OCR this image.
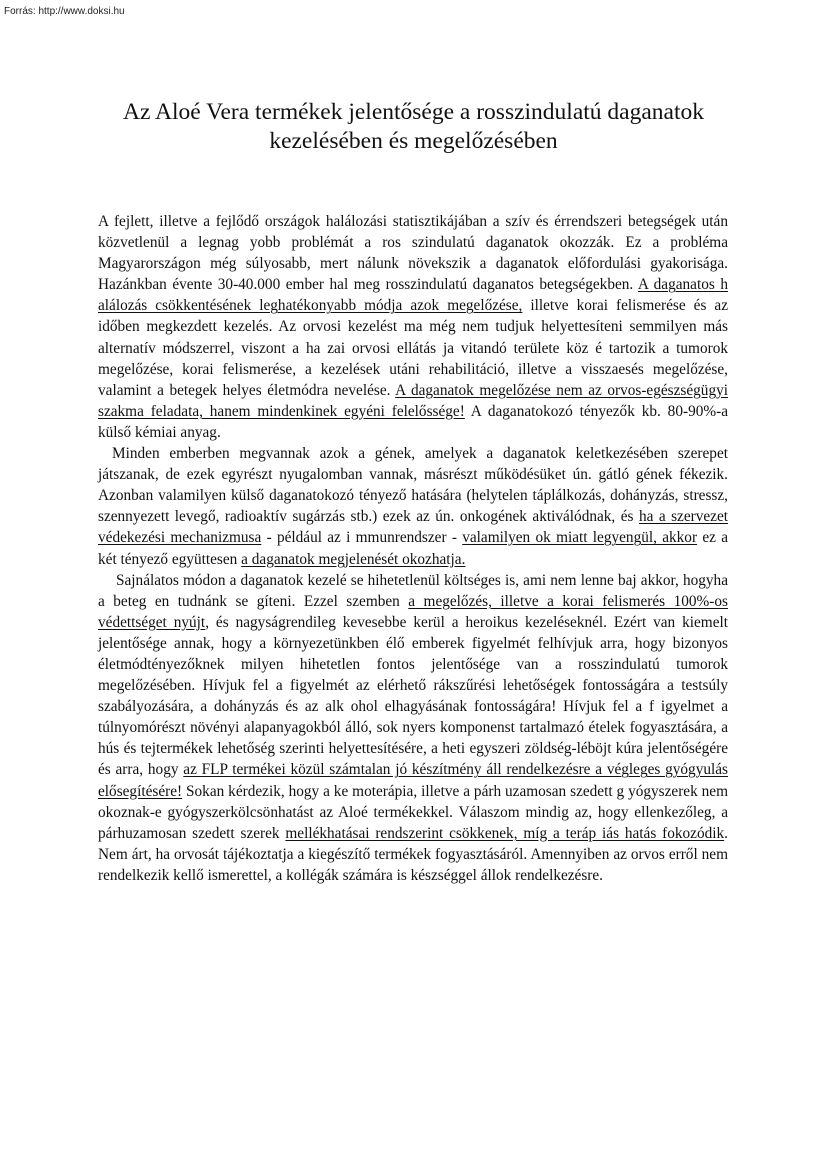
Forrás: http://www.doksi.hu
Az Aloé Vera termékek jelentősége a rosszindulatú daganatok
kezelésében és megelőzésében

A fejlett, illetve a fejlődő országok halálozási statisztikájában a szív és érrendszeri betegségek után közvetlenül a legnag yobb problémát a ros szindulatú daganatok okozzák. Ez a probléma Magyarországon még súlyosabb, mert nálunk növekszik a daganatok előfordulási gyakorisága. Hazánkban évente 30-40.000 ember hal meg rosszindulatú daganatos betegségekben. A daganatos h alálozás csökkentésének leghatékonyabb módja azok megelőzése, illetve korai felismerése és az időben megkezdett kezelés. Az orvosi kezelést ma még nem tudjuk helyettesíteni semmilyen más alternatív módszerrel, viszont a ha zai orvosi ellátás ja vitandó területe köz é tartozik a tumorok megelőzése, korai felismerése, a kezelések utáni rehabilitáció, illetve a visszaesés megelőzése, valamint a betegek helyes életmódra nevelése. A daganatok megelőzése nem az orvos-egészségügyi szakma feladata, hanem mindenkinek egyéni felelőssége! A daganatokozó tényezők kb. 80-90%-a külső kémiai anyag.

Minden emberben megvannak azok a gének, amelyek a daganatok keletkezésében szerepet játszanak, de ezek egyrészt nyugalomban vannak, másrészt működésüket ún. gátló gének fékezik. Azonban valamilyen külső daganatokozó tényező hatására (helytelen táplálkozás, dohányzás, stressz, szennyezett levegő, radioaktív sugárzás stb.) ezek az ún. onkogének aktiválódnak, és ha a szervezet védekezési mechanizmusa - például az i mmunrendszer - valamilyen ok miatt legyengül, akkor ez a két tényező együttesen a daganatok megjelenését okozhatja.

Sajnálatos módon a daganatok kezelé se hihetetlenül költséges is, ami nem lenne baj akkor, hogyha a beteg en tudnánk se gíteni. Ezzel szemben a megelőzés, illetve a korai felismerés 100%-os védettséget nyújt, és nagyságrendileg kevesebbe kerül a heroikus kezeléseknél. Ezért van kiemelt jelentősége annak, hogy a környezetünkben élő emberek figyelmét felhívjuk arra, hogy bizonyos életmódtényezőknek milyen hihetetlen fontos jelentősége van a rosszindulatú tumorok megelőzésében. Hívjuk fel a figyelmét az elérhető rákszűrési lehetőségek fontosságára a testsúly szabályozására, a dohányzás és az alk ohol elhagyásának fontosságára! Hívjuk fel a f igyelmet a túlnyomórészt növényi alapanyagokból álló, sok nyers komponenst tartalmazó ételek fogyasztására, a hús és tejtermékek lehetőség szerinti helyettesítésére, a heti egyszeri zöldség-léböjt kúra jelentőségére és arra, hogy az FLP termékei közül számtalan jó készítmény áll rendelkezésre a végleges gyógyulás elősegítésére! Sokan kérdezik, hogy a ke moterápia, illetve a párh uzamosan szedett g yógyszerek nem okoznak-e gyógyszerkölcsönhatást az Aloé termékekkel. Válaszom mindig az, hogy ellenkezőleg, a párhuzamosan szedett szerek mellékhatásai rendszerint csökkenek, míg a teráp iás hatás fokozódik. Nem árt, ha orvosát tájékoztatja a kiegészítő termékek fogyasztásáról. Amennyiben az orvos erről nem rendelkezik kellő ismerettel, a kollégák számára is készséggel állok rendelkezésre.
